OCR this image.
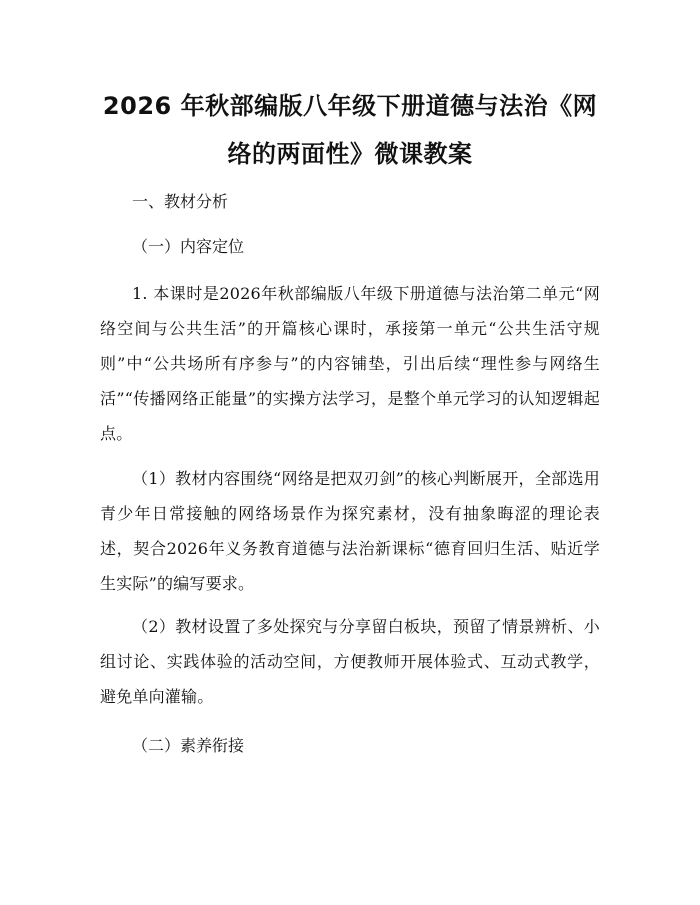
2026 年秋部编版八年级下册道德与法治《网
络的两面性》微课教案

一、教材分析

（一）内容定位

1. 本课时是2026年秋部编版八年级下册道德与法治第二单元“网络空间与公共生活”的开篇核心课时，承接第一单元“公共生活守规则”中“公共场所有序参与”的内容铺垫，引出后续“理性参与网络生活”“传播网络正能量”的实操方法学习，是整个单元学习的认知逻辑起点。

（1）教材内容围绕“网络是把双刃剑”的核心判断展开，全部选用青少年日常接触的网络场景作为探究素材，没有抽象晦涩的理论表述，契合2026年义务教育道德与法治新课标“德育回归生活、贴近学生实际”的编写要求。

（2）教材设置了多处探究与分享留白板块，预留了情景辨析、小组讨论、实践体验的活动空间，方便教师开展体验式、互动式教学，避免单向灌输。

（二）素养衔接
